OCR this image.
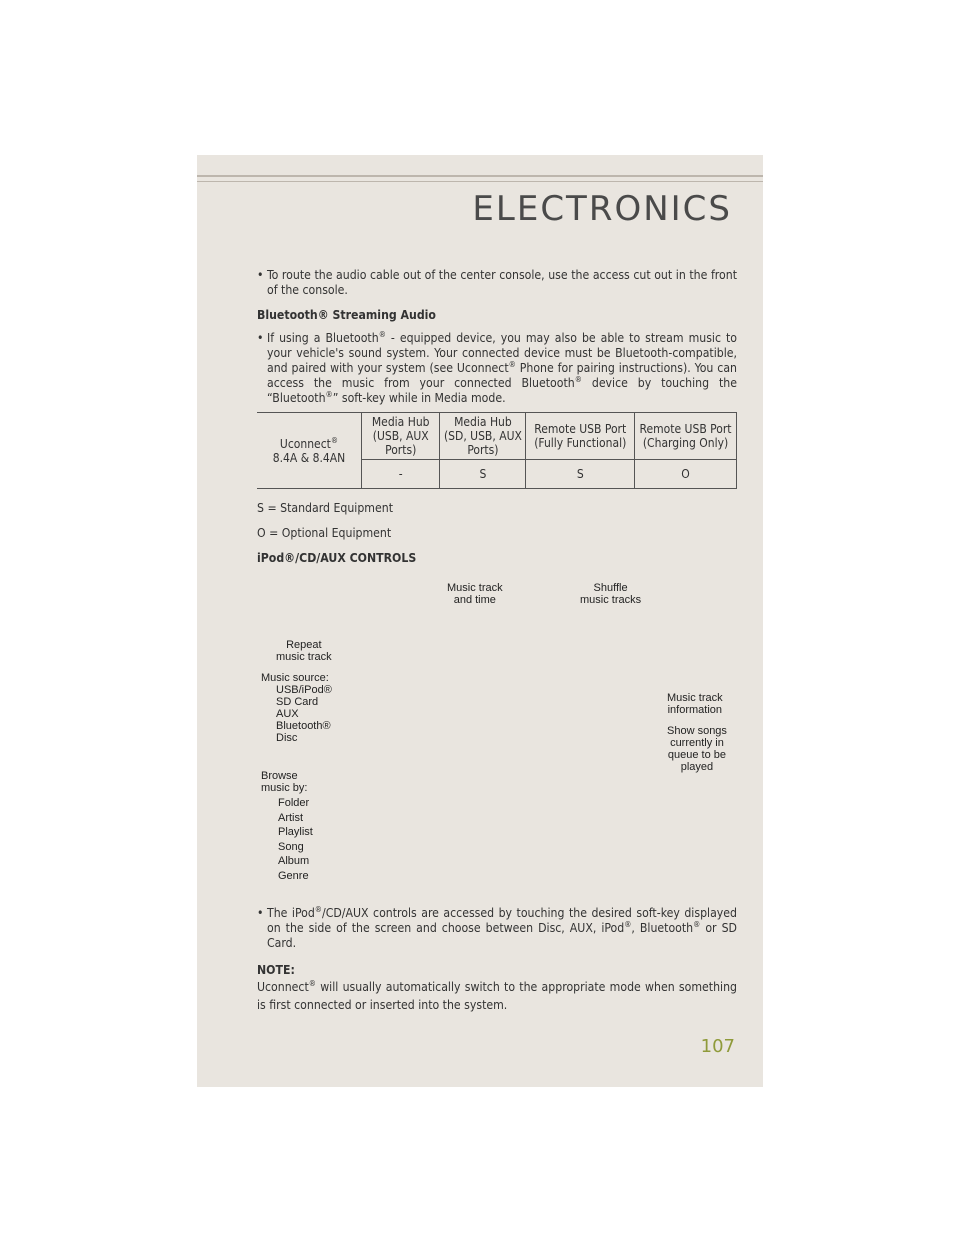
ELECTRONICS
• To route the audio cable out of the center console, use the access cut out in the front of the console.
Bluetooth® Streaming Audio
• If using a Bluetooth® - equipped device, you may also be able to stream music to your vehicle's sound system. Your connected device must be Bluetooth-compatible, and paired with your system (see Uconnect® Phone for pairing instructions). You can access the music from your connected Bluetooth® device by touching the “Bluetooth®” soft-key while in Media mode.
Uconnect®
8.4A & 8.4AN	Media Hub (USB, AUX Ports)	Media Hub (SD, USB, AUX Ports)	Remote USB Port (Fully Functional)	Remote USB Port (Charging Only)
	-	S	S	O
S = Standard Equipment
O = Optional Equipment
iPod®/CD/AUX CONTROLS
Music track
and time
Shuffle
music tracks
Repeat
music track
Music source:
USB/iPod®
SD Card
AUX
Bluetooth®
Disc
Music track
information
Show songs
currently in
queue to be
played
Browse
music by:
Folder
Artist
Playlist
Song
Album
Genre
• The iPod®/CD/AUX controls are accessed by touching the desired soft-key displayed on the side of the screen and choose between Disc, AUX, iPod®, Bluetooth® or SD Card.
NOTE:
Uconnect® will usually automatically switch to the appropriate mode when something is first connected or inserted into the system.
107
